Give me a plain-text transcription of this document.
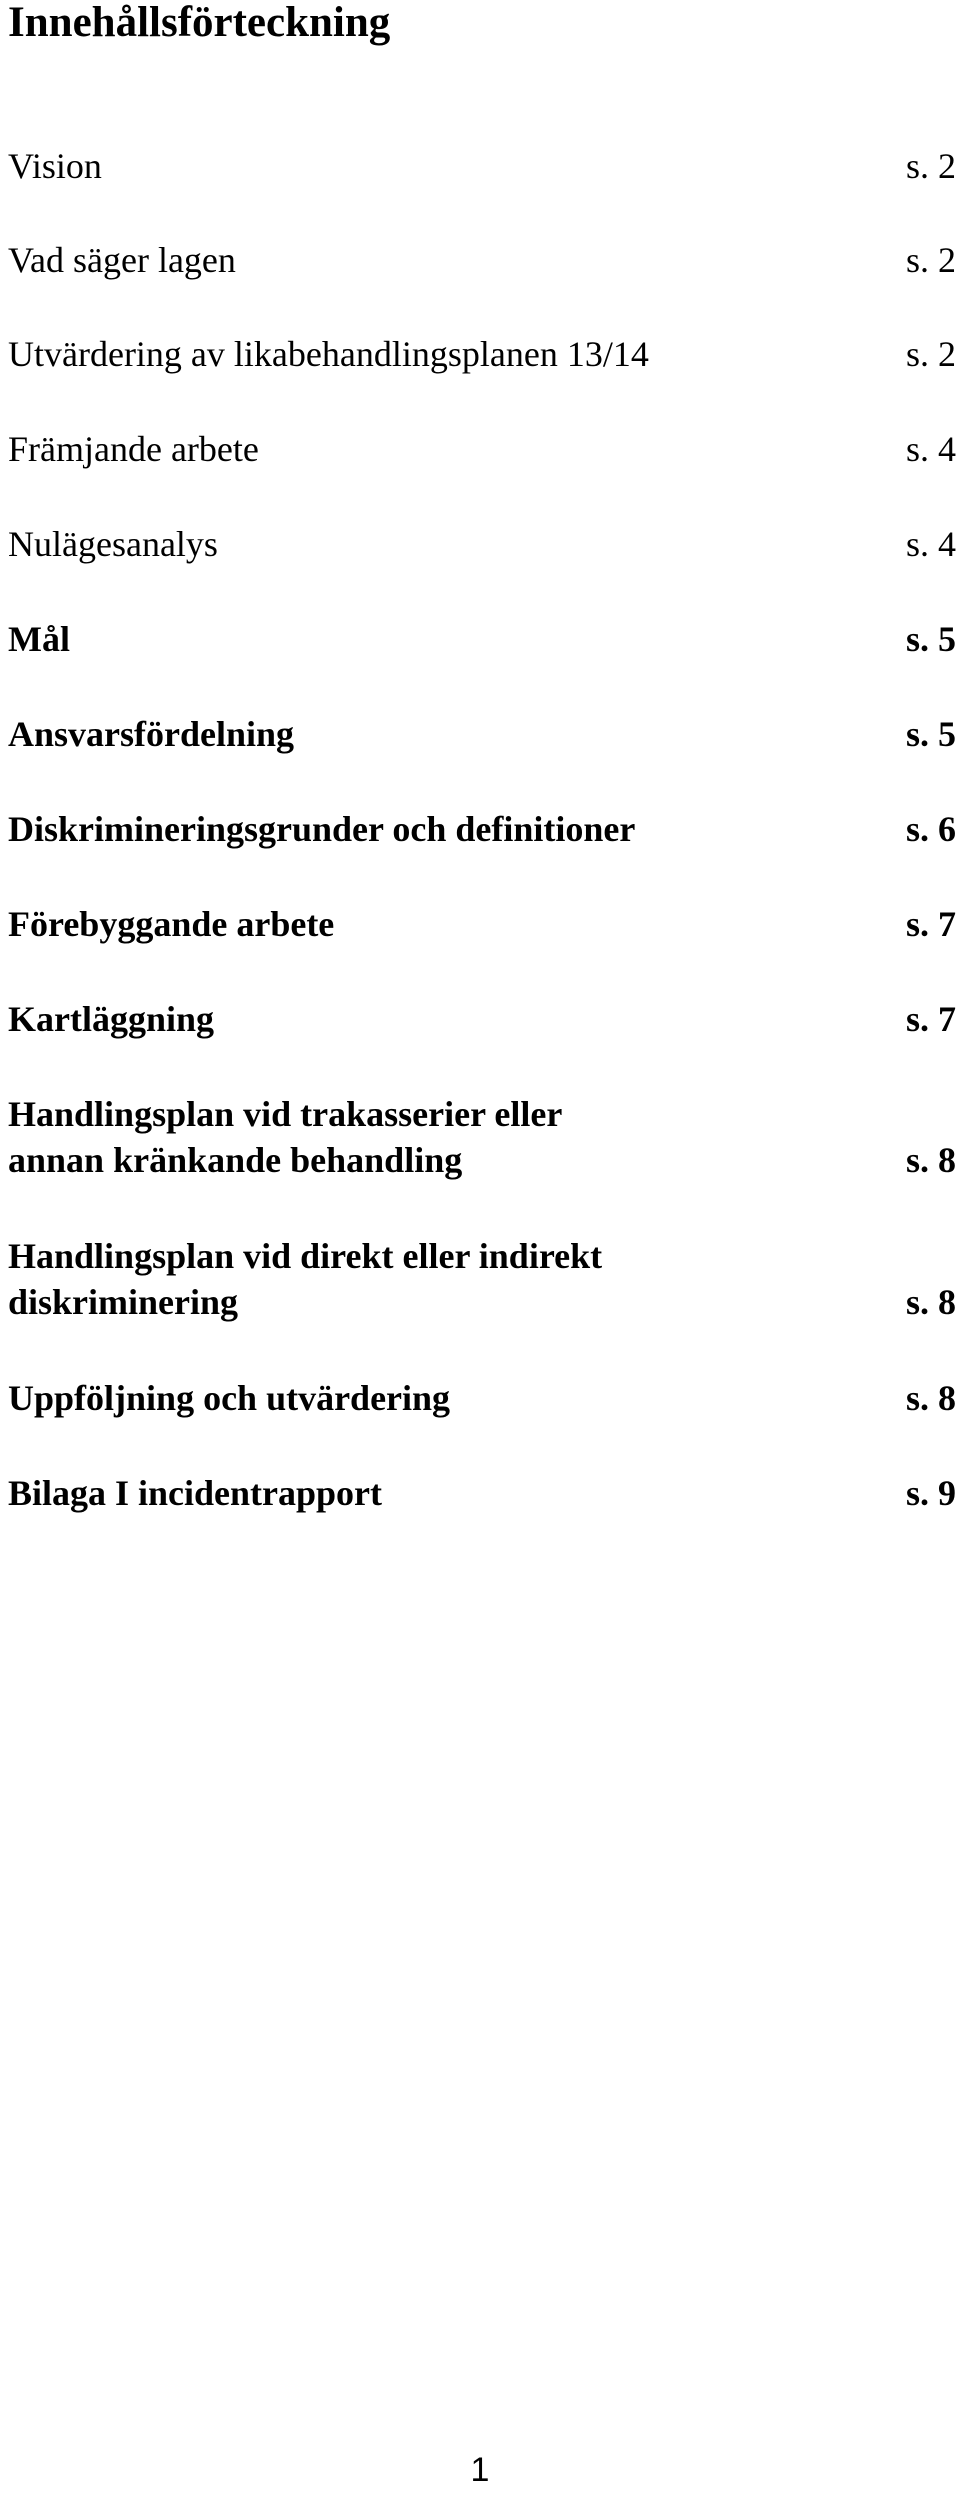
Innehållsförteckning
Vision	s. 2
Vad säger lagen	s. 2
Utvärdering av likabehandlingsplanen 13/14	s. 2
Främjande arbete	s. 4
Nulägesanalys	s. 4
Mål	s. 5
Ansvarsfördelning	s. 5
Diskrimineringsgrunder och definitioner	s. 6
Förebyggande arbete	s. 7
Kartläggning	s. 7
Handlingsplan vid trakasserier eller
annan kränkande behandling	s. 8
Handlingsplan vid direkt eller indirekt
diskriminering	s. 8
Uppföljning och utvärdering	s. 8
Bilaga I incidentrapport	s. 9
1
